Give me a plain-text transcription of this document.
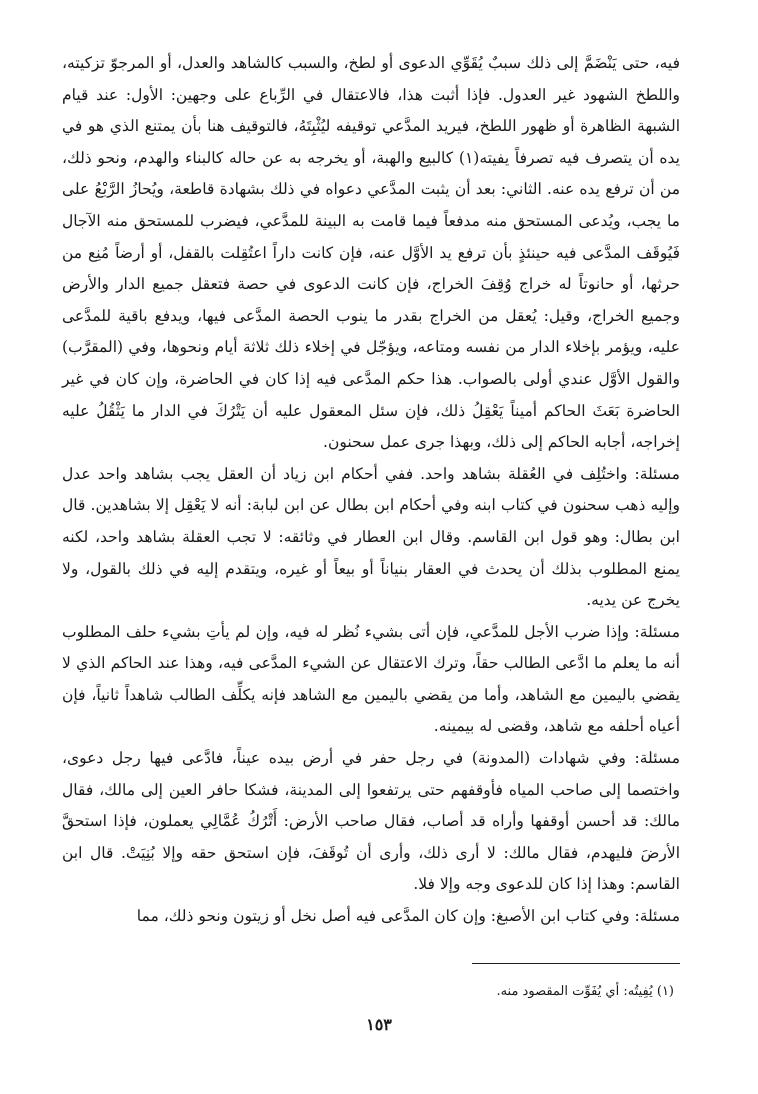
فيه، حتى يَنْضَمَّ إلى ذلك سببٌ يُقَوِّي الدعوى أو لطخ، والسبب كالشاهد والعدل، أو المرجوّ تزكيته، واللطخ الشهود غير العدول. فإذا أثبت هذا، فالاعتقال في الرِّباع على وجهين: الأول: عند قيام الشبهة الظاهرة أو ظهور اللطخ، فيريد المدَّعي توقيفه ليُثْبِتَهُ، فالتوقيف هنا بأن يمتنع الذي هو في يده أن يتصرف فيه تصرفاً يفيته(١) كالبيع والهبة، أو يخرجه به عن حاله كالبناء والهدم، ونحو ذلك، من أن ترفع يده عنه. الثاني: بعد أن يثبت المدَّعي دعواه في ذلك بشهادة قاطعة، ويُحازُ الرَّبْعُ على ما يجب، ويُدعى المستحق منه مدفعاً فيما قامت به البينة للمدَّعي، فيضرب للمستحق منه الآجال فَيُوقَف المدَّعى فيه حينئذٍ بأن ترفع يد الأوَّل عنه، فإن كانت داراً اعتُقِلت بالقفل، أو أرضاً مُنِع من حرثها، أو حانوتاً له خراج وُقِفَ الخراج، فإن كانت الدعوى في حصة فتعقل جميع الدار والأرض وجميع الخراج، وقيل: يُعقل من الخراج بقدر ما ينوب الحصة المدَّعى فيها، ويدفع باقية للمدَّعى عليه، ويؤمر بإخلاء الدار من نفسه ومتاعه، ويؤجّل في إخلاء ذلك ثلاثة أيام ونحوها، وفي (المقرَّب) والقول الأوَّل عندي أولى بالصواب. هذا حكم المدَّعى فيه إذا كان في الحاضرة، وإن كان في غير الحاضرة بَعَثَ الحاكم أميناً يَعْقِلُ ذلك، فإن سئل المعقول عليه أن يَتْرُكَ في الدار ما يَثْقُلُ عليه إخراجه، أجابه الحاكم إلى ذلك، وبهذا جرى عمل سحنون.

مسئلة: واختُلِف في العُقلة بشاهد واحد. ففي أحكام ابن زياد أن العقل يجب بشاهد واحد عدل وإليه ذهب سحنون في كتاب ابنه وفي أحكام ابن بطال عن ابن لبابة: أنه لا يَعْقِل إلا بشاهدين. قال ابن بطال: وهو قول ابن القاسم. وقال ابن العطار في وثائقه: لا تجب العقلة بشاهد واحد، لكنه يمنع المطلوب بذلك أن يحدث في العقار بنياناً أو بيعاً أو غيره، ويتقدم إليه في ذلك بالقول، ولا يخرج عن يديه.

مسئلة: وإذا ضرب الأجل للمدَّعي، فإن أتى بشيء نُظر له فيه، وإن لم يأتِ بشيء حلف المطلوب أنه ما يعلم ما ادَّعى الطالب حقاً، وترك الاعتقال عن الشيء المدَّعى فيه، وهذا عند الحاكم الذي لا يقضي باليمين مع الشاهد، وأما من يقضي باليمين مع الشاهد فإنه يكلِّف الطالب شاهداً ثانياً، فإن أعياه أحلفه مع شاهد، وقضى له بيمينه.

مسئلة: وفي شهادات (المدونة) في رجل حفر في أرض بيده عيناً، فادَّعى فيها رجل دعوى، واختصما إلى صاحب المياه فأوقفهم حتى يرتفعوا إلى المدينة، فشكا حافر العين إلى مالك، فقال مالك: قد أحسن أوقفها وأراه قد أصاب، فقال صاحب الأرض: أَتْرُكُ عُمَّالِي يعملون، فإذا استحقَّ الأرضَ فليهدم، فقال مالك: لا أرى ذلك، وأرى أن تُوقَفَ، فإن استحق حقه وإلا بُنِيَتْ. قال ابن القاسم: وهذا إذا كان للدعوى وجه وإلا فلا.

مسئلة: وفي كتاب ابن الأصبغ: وإن كان المدَّعى فيه أصل نخل أو زيتون ونحو ذلك، مما

(١) يُفِيتُه: أي يُفَوِّت المقصود منه.

١٥٣
